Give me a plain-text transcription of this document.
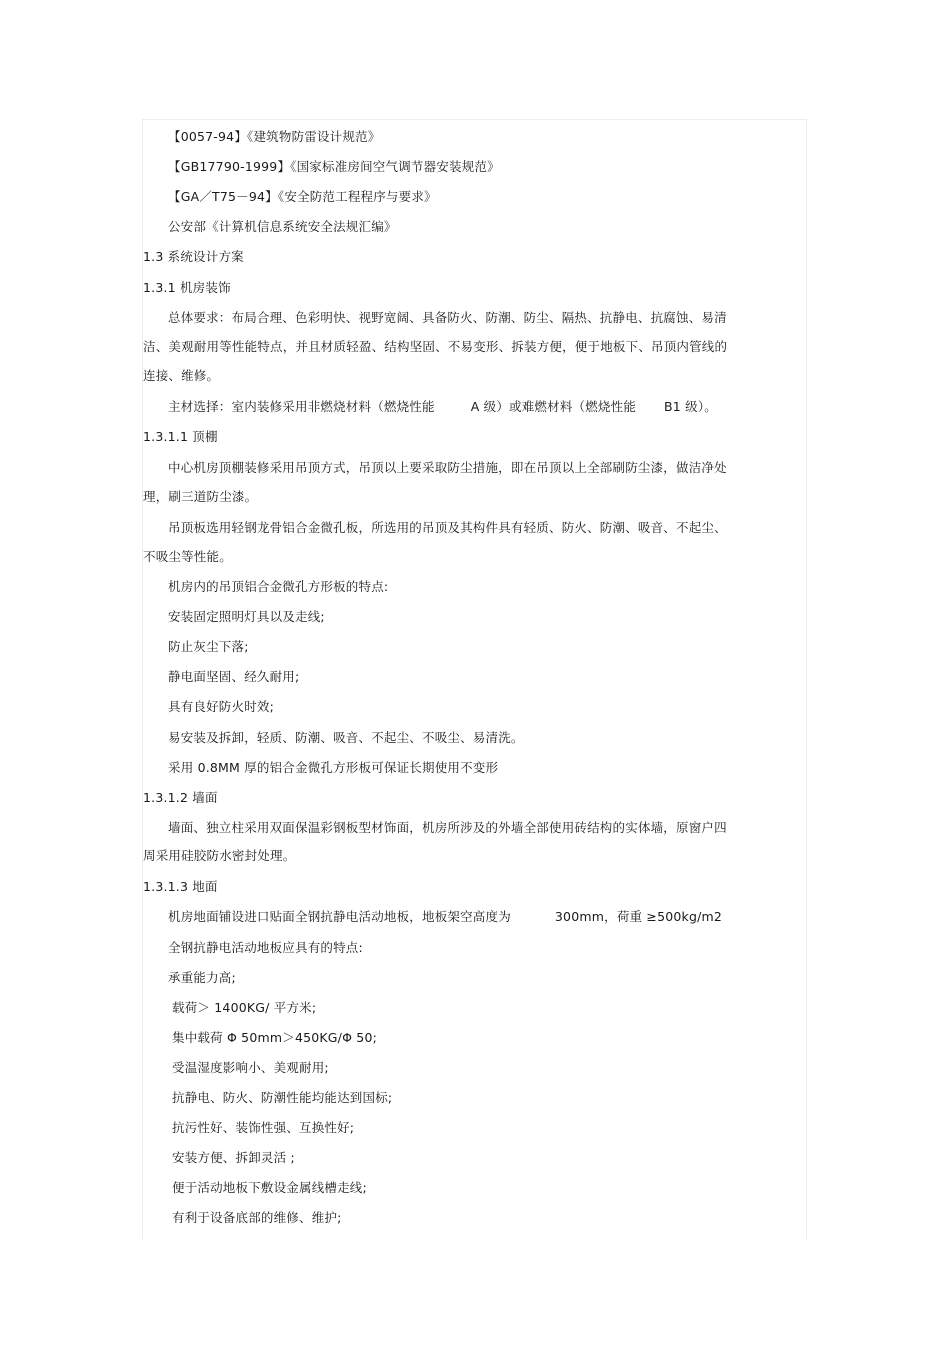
【0057-94】《建筑物防雷设计规范》
【GB17790-1999】《国家标准房间空气调节器安装规范》
【GA／T75－94】《安全防范工程程序与要求》
公安部《计算机信息系统安全法规汇编》
1.3 系统设计方案
1.3.1 机房装饰
总体要求：布局合理、色彩明快、视野宽阔、具备防火、防潮、防尘、隔热、抗静电、抗腐蚀、易清
洁、美观耐用等性能特点，并且材质轻盈、结构坚固、不易变形、拆装方便，便于地板下、吊顶内管线的
连接、维修。
主材选择：室内装修采用非燃烧材料（燃烧性能	A 级）或难燃材料（燃烧性能 B1 级）。
1.3.1.1 顶棚
中心机房顶棚装修采用吊顶方式，吊顶以上要采取防尘措施，即在吊顶以上全部刷防尘漆，做洁净处
理，刷三道防尘漆。
吊顶板选用轻钢龙骨铝合金微孔板，所选用的吊顶及其构件具有轻质、防火、防潮、吸音、不起尘、
不吸尘等性能。
机房内的吊顶铝合金微孔方形板的特点:
安装固定照明灯具以及走线;
防止灰尘下落;
静电面坚固、经久耐用;
具有良好防火时效;
易安装及拆卸，轻质、防潮、吸音、不起尘、不吸尘、易清洗。
采用 0.8MM 厚的铝合金微孔方形板可保证长期使用不变形
1.3.1.2 墙面
墙面、独立柱采用双面保温彩钢板型材饰面，机房所涉及的外墙全部使用砖结构的实体墙，原窗户四
周采用硅胶防水密封处理。
1.3.1.3 地面
机房地面铺设进口贴面全钢抗静电活动地板，地板架空高度为	300mm，荷重 ≥500kg/m2
全钢抗静电活动地板应具有的特点:
承重能力高;
载荷＞ 1400KG/ 平方米;
集中载荷 Φ 50mm＞450KG/Φ 50;
受温湿度影响小、美观耐用;
抗静电、防火、防潮性能均能达到国标;
抗污性好、装饰性强、互换性好;
安装方便、拆卸灵活 ;
便于活动地板下敷设金属线槽走线;
有利于设备底部的维修、维护;
